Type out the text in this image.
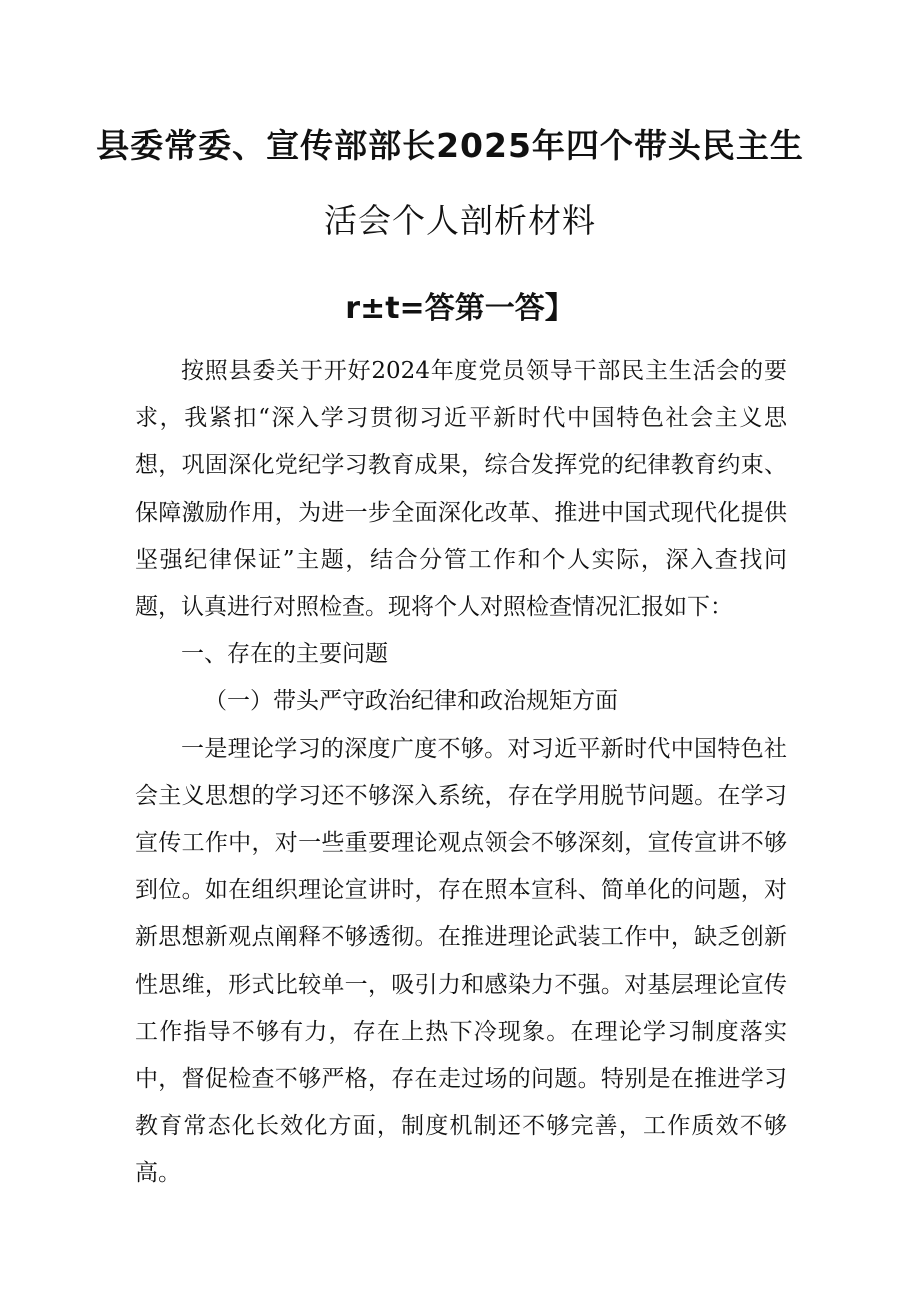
县委常委、宣传部部长2025年四个带头民主生
活会个人剖析材料
r±t=答第一答】

按照县委关于开好2024年度党员领导干部民主生活会的要求，我紧扣“深入学习贯彻习近平新时代中国特色社会主义思想，巩固深化党纪学习教育成果，综合发挥党的纪律教育约束、保障激励作用，为进一步全面深化改革、推进中国式现代化提供坚强纪律保证”主题，结合分管工作和个人实际，深入查找问题，认真进行对照检查。现将个人对照检查情况汇报如下：

一、存在的主要问题

（一）带头严守政治纪律和政治规矩方面

一是理论学习的深度广度不够。对习近平新时代中国特色社会主义思想的学习还不够深入系统，存在学用脱节问题。在学习宣传工作中，对一些重要理论观点领会不够深刻，宣传宣讲不够到位。如在组织理论宣讲时，存在照本宣科、简单化的问题，对新思想新观点阐释不够透彻。在推进理论武装工作中，缺乏创新性思维，形式比较单一，吸引力和感染力不强。对基层理论宣传工作指导不够有力，存在上热下冷现象。在理论学习制度落实中，督促检查不够严格，存在走过场的问题。特别是在推进学习教育常态化长效化方面，制度机制还不够完善，工作质效不够高。
